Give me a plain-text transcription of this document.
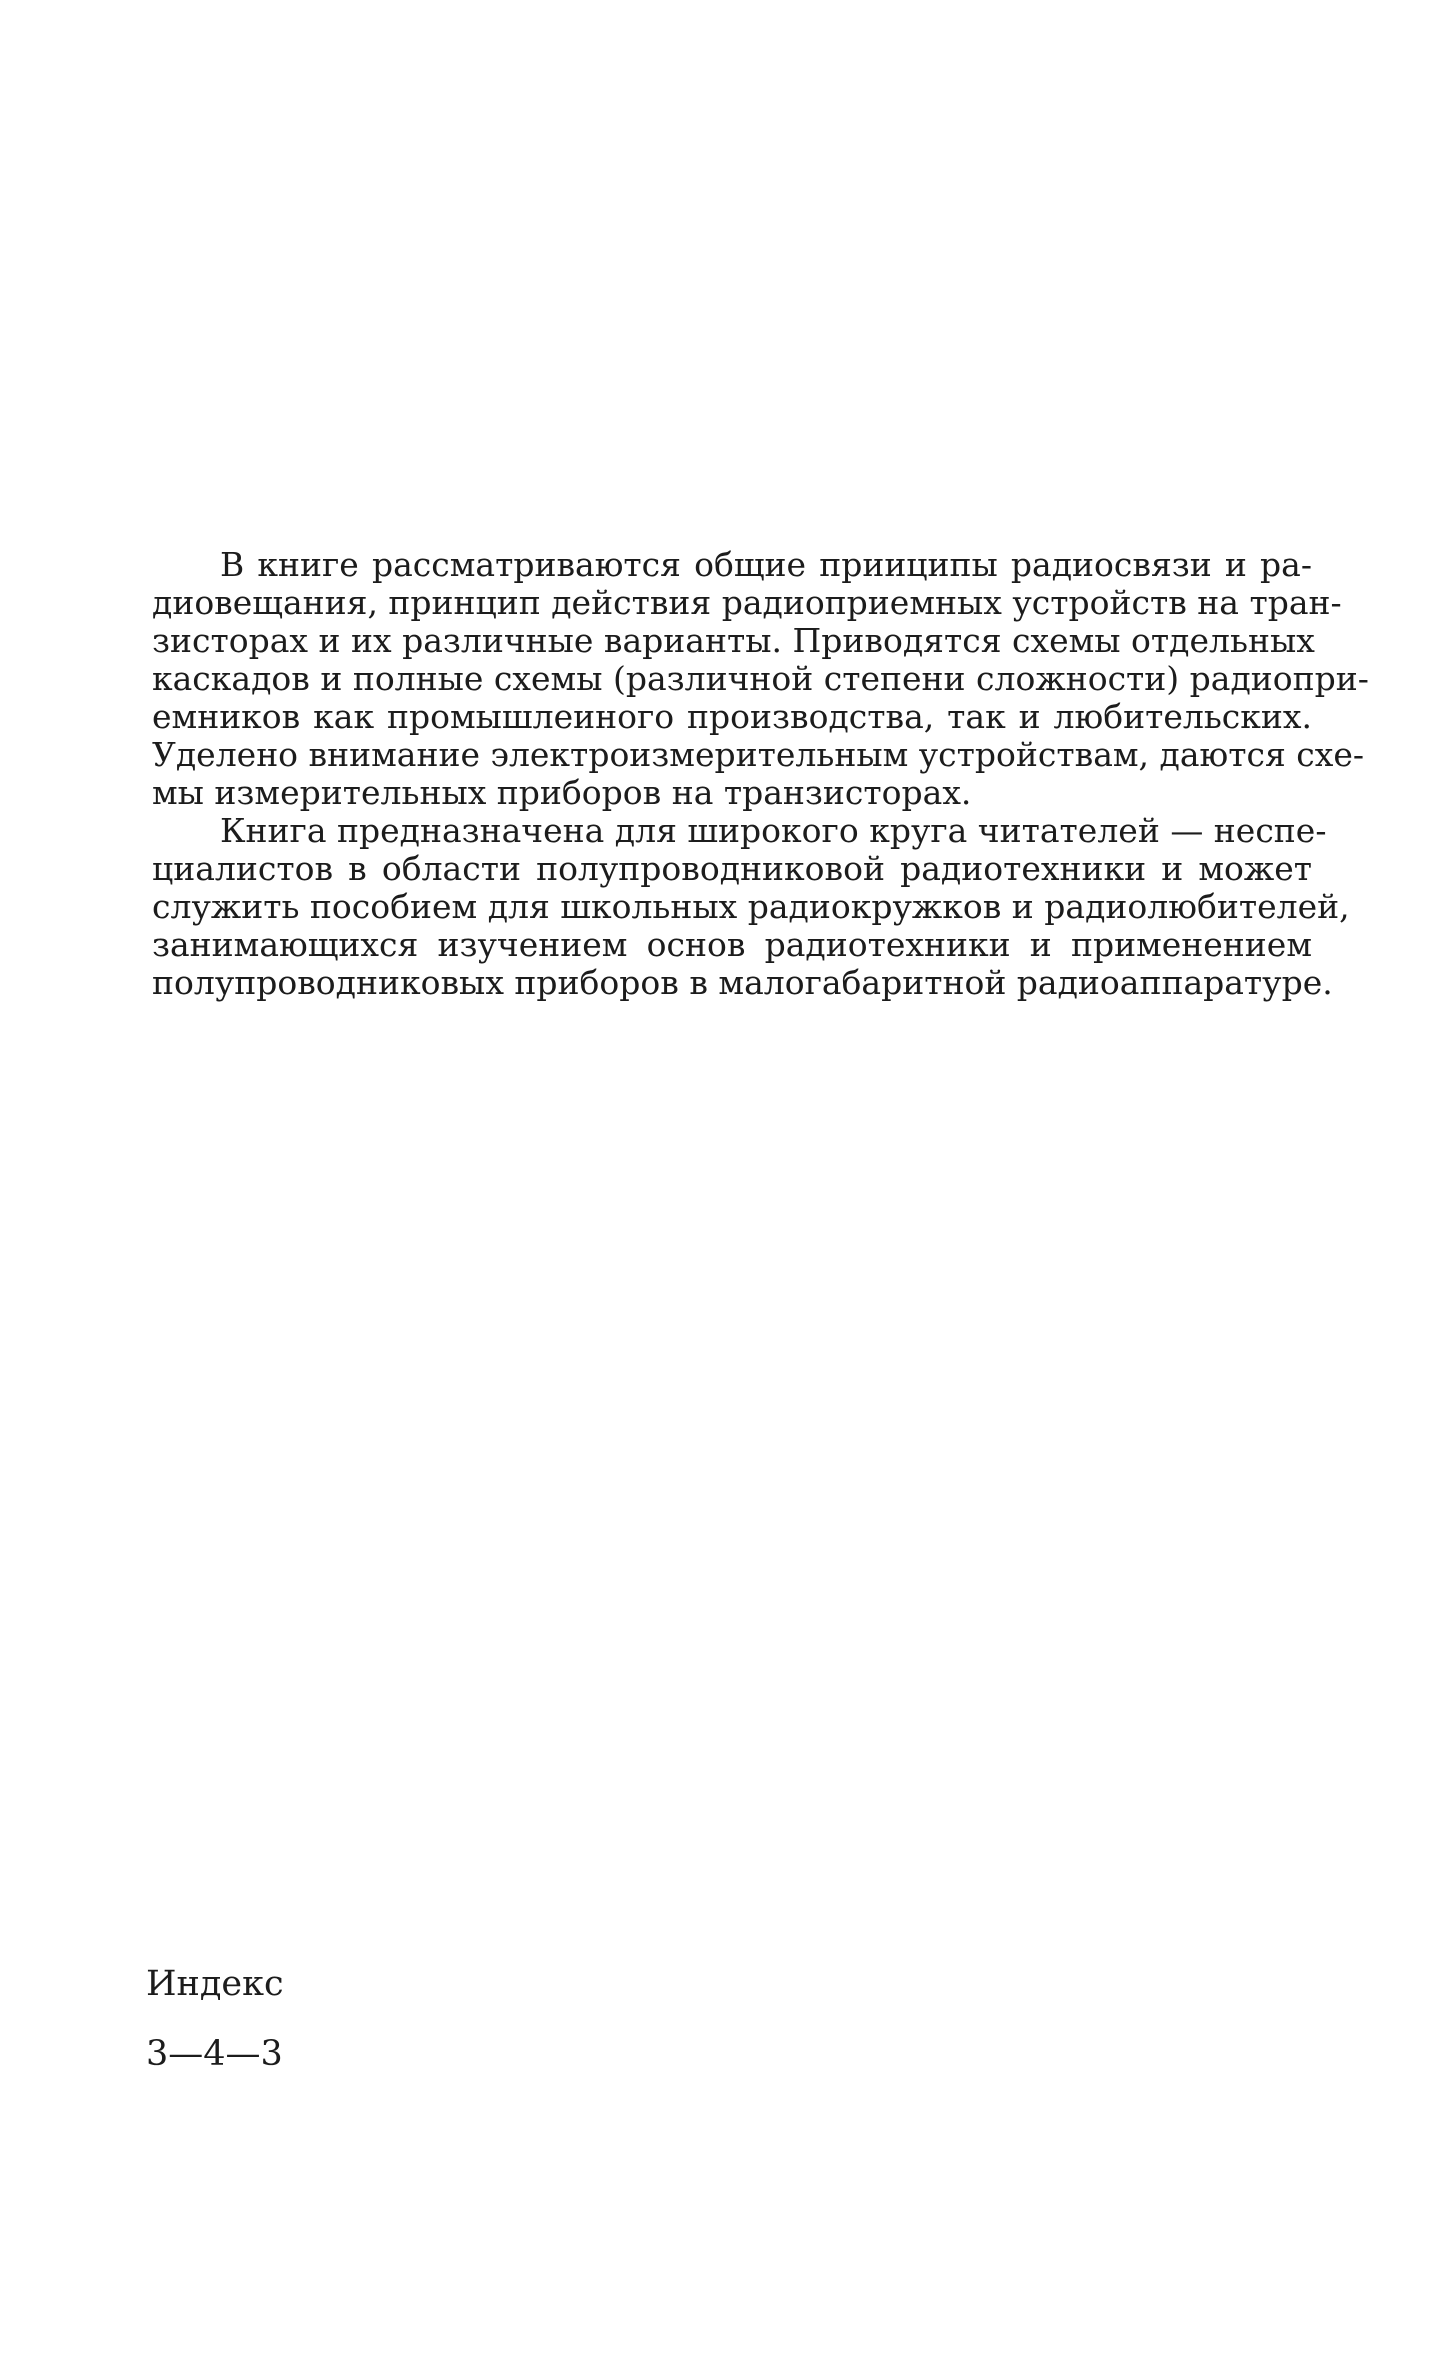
В книге рассматриваются общие прииципы радиосвязи и ра-
диовещания, принцип действия радиоприемных устройств на тран-
зисторах и их различные варианты. Приводятся схемы отдельных
каскадов и полные схемы (различной степени сложности) радиопри-
емников как промышлеиного производства, так и любительских.
Уделено внимание электроизмерительным устройствам, даются схе-
мы измерительных приборов на транзисторах.

Книга предназначена для широкого круга читателей — неспе-
циалистов в области полупроводниковой радиотехники и может
служить пособием для школьных радиокружков и радиолюбителей,
занимающихся изучением основ радиотехники и применением
полупроводниковых приборов в малогабаритной радиоаппаратуре.

Индекс
3—4—3
